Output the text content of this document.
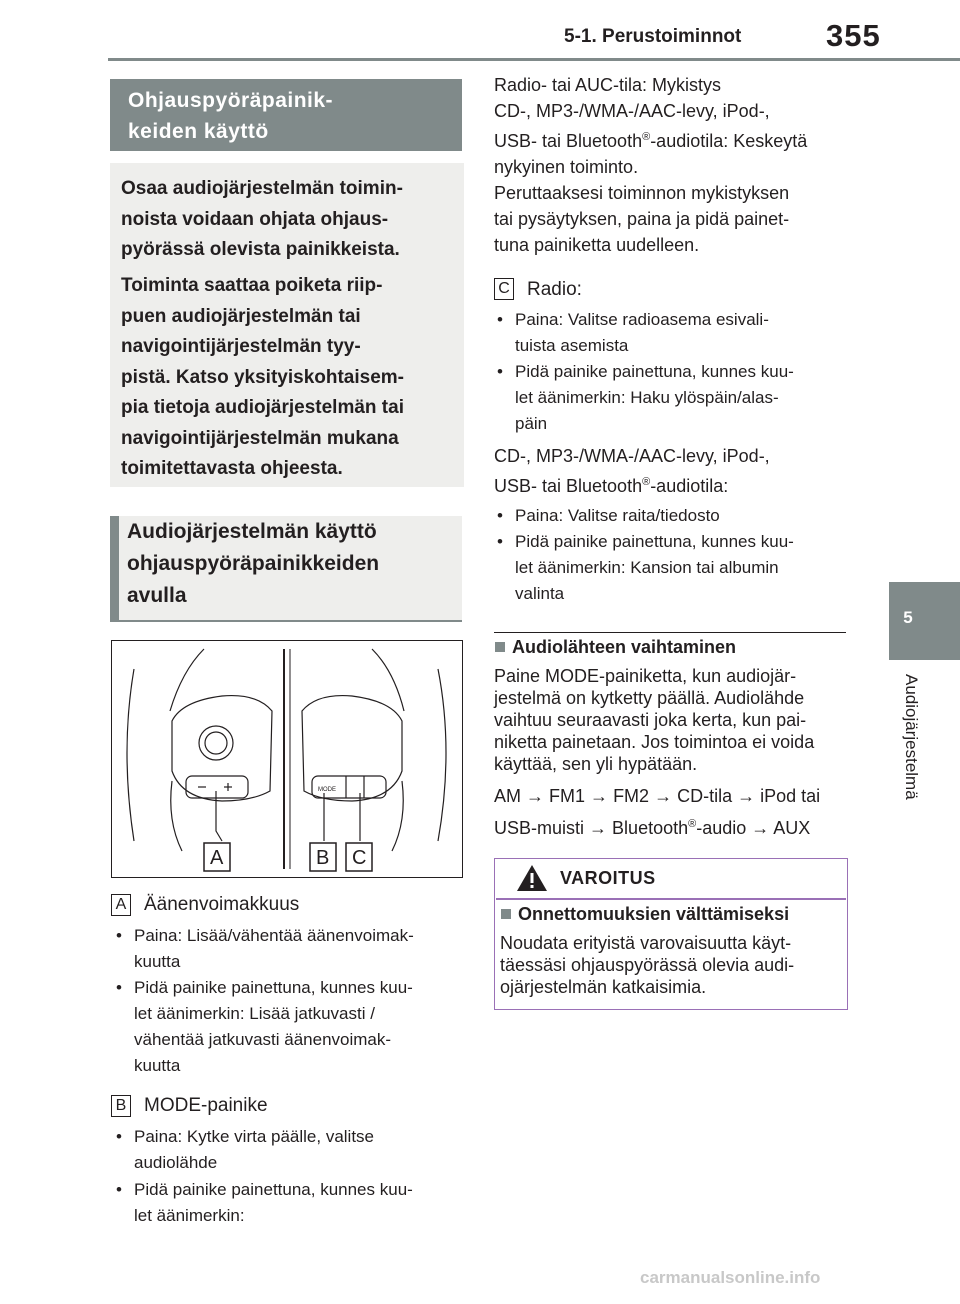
5-1. Perustoiminnot	355
5
Audiojärjestelmä
Ohjauspyöräpainik-
keiden käyttö

Osaa audiojärjestelmän toimin-
noista voidaan ohjata ohjaus-
pyörässä olevista painikkeista.

Toiminta saattaa poiketa riip-
puen audiojärjestelmän tai
navigointijärjestelmän tyy-
pistä. Katso yksityiskohtaisem-
pia tietoja audiojärjestelmän tai
navigointijärjestelmän mukana
toimitettavasta ohjeesta.

Audiojärjestelmän käyttö
ohjauspyöräpainikkeiden
avulla
MODE
A	B C
A Äänenvoimakkuus
• Paina: Lisää/vähentää äänenvoimak-
kuutta
• Pidä painike painettuna, kunnes kuu-
let äänimerkin: Lisää jatkuvasti /
vähentää jatkuvasti äänenvoimak-
kuutta
B MODE-painike
• Paina: Kytke virta päälle, valitse
audiolähde
• Pidä painike painettuna, kunnes kuu-
let äänimerkin:
Radio- tai AUC-tila: Mykistys
CD-, MP3-/WMA-/AAC-levy, iPod-,
USB- tai Bluetooth®-audiotila: Keskeytä
nykyinen toiminto.
Peruttaaksesi toiminnon mykistyksen
tai pysäytyksen, paina ja pidä painet-
tuna painiketta uudelleen.
C Radio:
• Paina: Valitse radioasema esivali-
tuista asemista
• Pidä painike painettuna, kunnes kuu-
let äänimerkin: Haku ylöspäin/alas-
päin
CD-, MP3-/WMA-/AAC-levy, iPod-,
USB- tai Bluetooth®-audiotila:
• Paina: Valitse raita/tiedosto
• Pidä painike painettuna, kunnes kuu-
let äänimerkin: Kansion tai albumin
valinta
Audiolähteen vaihtaminen
Paine MODE-painiketta, kun audiojär-
jestelmä on kytketty päällä. Audiolähde
vaihtuu seuraavasti joka kerta, kun pai-
niketta painetaan. Jos toimintoa ei voida
käyttää, sen yli hypätään.
AM → FM1 → FM2 → CD-tila → iPod tai
USB-muisti → Bluetooth®-audio → AUX
VAROITUS
Onnettomuuksien välttämiseksi
Noudata erityistä varovaisuutta käyt-
täessäsi ohjauspyörässä olevia audi-
ojärjestelmän katkaisimia.
carmanualsonline.info
